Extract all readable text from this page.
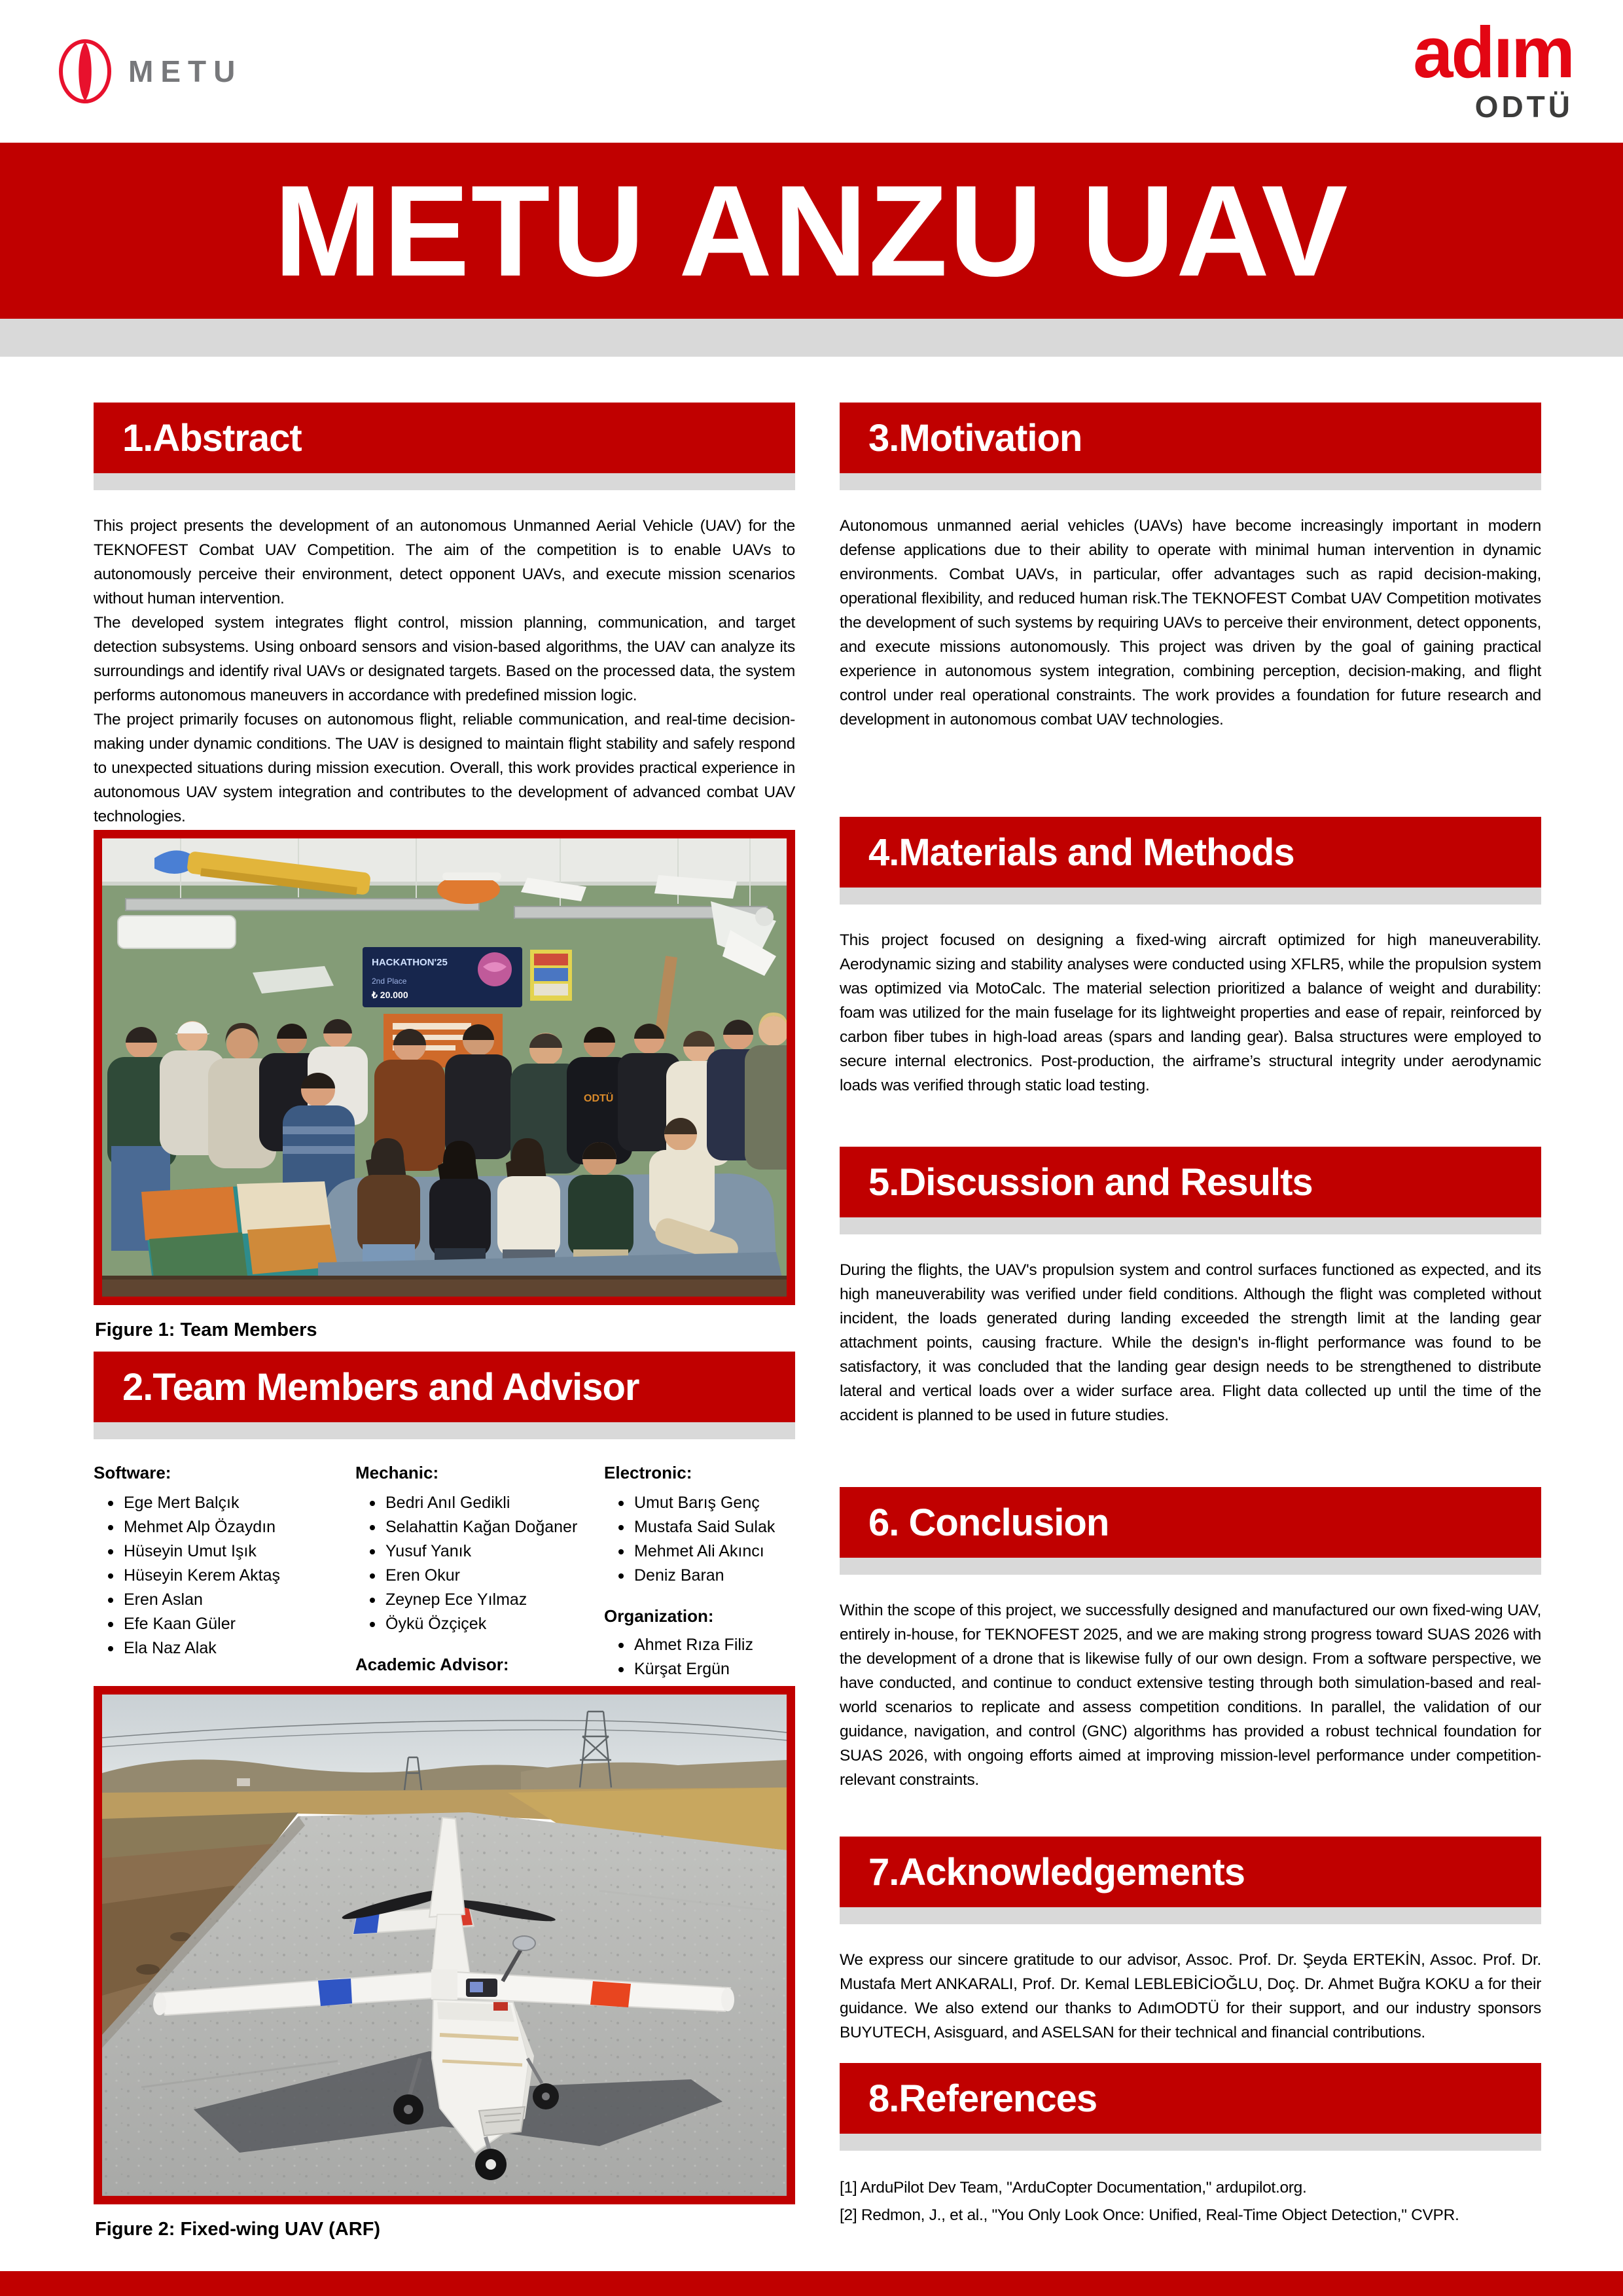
METU	adım
ODTÜ
METU ANZU UAV
1.Abstract

This project presents the development of an autonomous Unmanned Aerial Vehicle (UAV) for the TEKNOFEST Combat UAV Competition. The aim of the competition is to enable UAVs to autonomously perceive their environment, detect opponent UAVs, and execute mission scenarios without human intervention.

The developed system integrates flight control, mission planning, communication, and target detection subsystems. Using onboard sensors and vision-based algorithms, the UAV can analyze its surroundings and identify rival UAVs or designated targets. Based on the processed data, the system performs autonomous maneuvers in accordance with predefined mission logic.

The project primarily focuses on autonomous flight, reliable communication, and real-time decision-making under dynamic conditions. The UAV is designed to maintain flight stability and safely respond to unexpected situations during mission execution. Overall, this work provides practical experience in autonomous UAV system integration and contributes to the development of advanced combat UAV technologies.

HACKATHON'25
2nd Place
₺ 20.000
ODTÜ
Figure 1: Team Members
2.Team Members and Advisor
Software:
Ege Mert Balçık
Mehmet Alp Özaydın
Hüseyin Umut Işık
Hüseyin Kerem Aktaş
Eren Aslan
Efe Kaan Güler
Ela Naz Alak
Mechanic:
Bedri Anıl Gedikli
Selahattin Kağan Doğaner
Yusuf Yanık
Eren Okur
Zeynep Ece Yılmaz
Öykü Özçiçek
Academic Advisor:
Electronic:
Umut Barış Genç
Mustafa Said Sulak
Mehmet Ali Akıncı
Deniz Baran
Organization:
Ahmet Rıza Filiz
Kürşat Ergün
Figure 2: Fixed-wing UAV (ARF)
3.Motivation

Autonomous unmanned aerial vehicles (UAVs) have become increasingly important in modern defense applications due to their ability to operate with minimal human intervention in dynamic environments. Combat UAVs, in particular, offer advantages such as rapid decision-making, operational flexibility, and reduced human risk.The TEKNOFEST Combat UAV Competition motivates the development of such systems by requiring UAVs to perceive their environment, detect opponents, and execute missions autonomously. This project was driven by the goal of gaining practical experience in autonomous system integration, combining perception, decision-making, and flight control under real operational constraints. The work provides a foundation for future research and development in autonomous combat UAV technologies.

4.Materials and Methods

This project focused on designing a fixed-wing aircraft optimized for high maneuverability. Aerodynamic sizing and stability analyses were conducted using XFLR5, while the propulsion system was optimized via MotoCalc. The material selection prioritized a balance of weight and durability: foam was utilized for the main fuselage for its lightweight properties and ease of repair, reinforced by carbon fiber tubes in high-load areas (spars and landing gear). Balsa structures were employed to secure internal electronics. Post-production, the airframe’s structural integrity under aerodynamic loads was verified through static load testing.

5.Discussion and Results

During the flights, the UAV's propulsion system and control surfaces functioned as expected, and its high maneuverability was verified under field conditions. Although the flight was completed without incident, the loads generated during landing exceeded the strength limit at the landing gear attachment points, causing fracture. While the design's in-flight performance was found to be satisfactory, it was concluded that the landing gear design needs to be strengthened to distribute lateral and vertical loads over a wider surface area. Flight data collected up until the time of the accident is planned to be used in future studies.

6. Conclusion

Within the scope of this project, we successfully designed and manufactured our own fixed-wing UAV, entirely in-house, for TEKNOFEST 2025, and we are making strong progress toward SUAS 2026 with the development of a drone that is likewise fully of our own design. From a software perspective, we have conducted, and continue to conduct extensive testing through both simulation-based and real-world scenarios to replicate and assess competition conditions. In parallel, the validation of our guidance, navigation, and control (GNC) algorithms has provided a robust technical foundation for SUAS 2026, with ongoing efforts aimed at improving mission-level performance under competition-relevant constraints.

7.Acknowledgements

We express our sincere gratitude to our advisor, Assoc. Prof. Dr. Şeyda ERTEKİN, Assoc. Prof. Dr. Mustafa Mert ANKARALI, Prof. Dr. Kemal LEBLEBİCİOĞLU, Doç. Dr. Ahmet Buğra KOKU a for their guidance. We also extend our thanks to AdımODTÜ for their support, and our industry sponsors BUYUTECH, Asisguard, and ASELSAN for their technical and financial contributions.

8.References

[1] ArduPilot Dev Team, "ArduCopter Documentation," ardupilot.org.

[2] Redmon, J., et al., "You Only Look Once: Unified, Real-Time Object Detection," CVPR.
